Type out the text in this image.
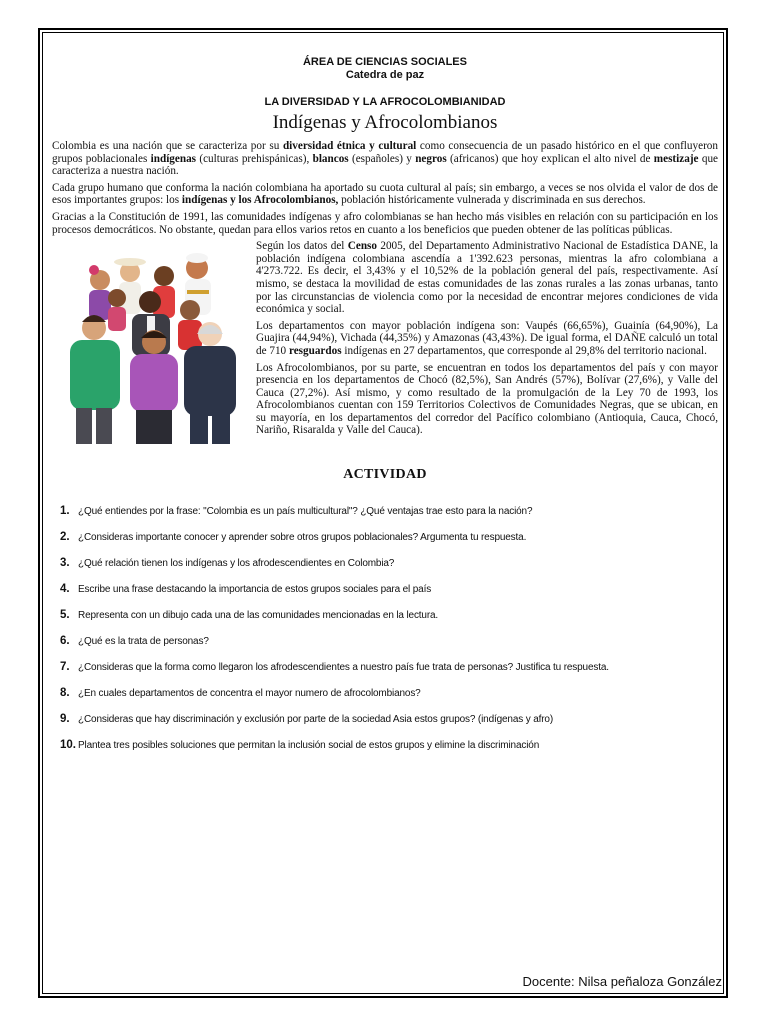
ÁREA DE CIENCIAS SOCIALES
Catedra de paz
LA DIVERSIDAD Y LA AFROCOLOMBIANIDAD
Indígenas y Afrocolombianos

Colombia es una nación que se caracteriza por su diversidad étnica y cultural como consecuencia de un pasado histórico en el que confluyeron grupos poblacionales indígenas (culturas prehispánicas), blancos (españoles) y negros (africanos) que hoy explican el alto nivel de mestizaje que caracteriza a nuestra nación.

Cada grupo humano que conforma la nación colombiana ha aportado su cuota cultural al país; sin embargo, a veces se nos olvida el valor de dos de esos importantes grupos: los indígenas y los Afrocolombianos, población históricamente vulnerada y discriminada en sus derechos.

Gracias a la Constitución de 1991, las comunidades indígenas y afro colombianas se han hecho más visibles en relación con su participación en los procesos democráticos. No obstante, quedan para ellos varios retos en cuanto a los beneficios que pueden obtener de las políticas públicas.

Según los datos del Censo 2005, del Departamento Administrativo Nacional de Estadística DANE, la población indígena colombiana ascendía a 1'392.623 personas, mientras la afro colombiana a 4'273.722. Es decir, el 3,43% y el 10,52% de la población general del país, respectivamente. Así mismo, se destaca la movilidad de estas comunidades de las zonas rurales a las zonas urbanas, tanto por las circunstancias de violencia como por la necesidad de encontrar mejores condiciones de vida económica y social.

Los departamentos con mayor población indígena son: Vaupés (66,65%), Guainía (64,90%), La Guajira (44,94%), Vichada (44,35%) y Amazonas (43,43%). De igual forma, el DAÑE calculó un total de 710 resguardos indígenas en 27 departamentos, que corresponde al 29,8% del territorio nacional.

Los Afrocolombianos, por su parte, se encuentran en todos los departamentos del país y con mayor presencia en los departamentos de Chocó (82,5%), San Andrés (57%), Bolívar (27,6%), y Valle del Cauca (27,2%). Así mismo, y como resultado de la promulgación de la Ley 70 de 1993, los Afrocolombianos cuentan con 159 Territorios Colectivos de Comunidades Negras, que se ubican, en su mayoría, en los departamentos del corredor del Pacífico colombiano (Antioquia, Cauca, Chocó, Nariño, Risaralda y Valle del Cauca).

ACTIVIDAD
1. ¿Qué entiendes por la frase: "Colombia es un país multicultural"? ¿Qué ventajas trae esto para la nación?
2. ¿Consideras importante conocer y aprender sobre otros grupos poblacionales? Argumenta tu respuesta.
3. ¿Qué relación tienen los indígenas y los afrodescendientes en Colombia?
4. Escribe una frase destacando la importancia de estos grupos sociales para el país
5. Representa con un dibujo cada una de las comunidades mencionadas en la lectura.
6. ¿Qué es la trata de personas?
7. ¿Consideras que la forma como llegaron los afrodescendientes a nuestro país fue trata de personas? Justifica tu respuesta.
8. ¿En cuales departamentos de concentra el mayor numero de afrocolombianos?
9. ¿Consideras que hay discriminación y exclusión por parte de la sociedad Asia estos grupos? (indígenas y afro)
10. Plantea tres posibles soluciones que permitan la inclusión social de estos grupos y elimine la discriminación
Docente: Nilsa peñaloza González
